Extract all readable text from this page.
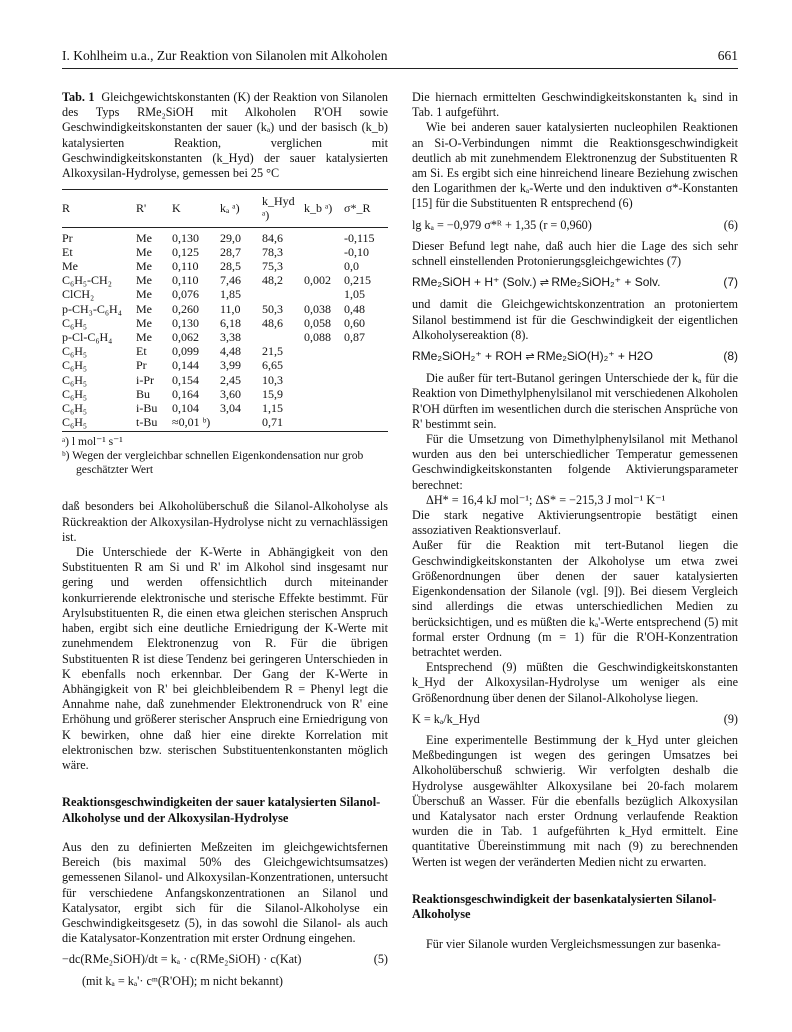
I. Kohlheim u.a., Zur Reaktion von Silanolen mit Alkoholen	661

Tab. 1 Gleichgewichtskonstanten (K) der Reaktion von Silanolen des Typs RMe₂SiOH mit Alkoholen R'OH sowie Geschwindigkeitskonstanten der sauer (kₐ) und der basisch (k_b) katalysierten Reaktion, verglichen mit Geschwindigkeitskonstanten (k_Hyd) der sauer katalysierten Alkoxysilan-Hydrolyse, gemessen bei 25 °C

R	R'	K	kₐ ᵃ)	k_Hyd ᵃ)	k_b ᵃ)	σ*_R
Pr	Me	0,130	29,0	84,6		-0,115
Et	Me	0,125	28,7	78,3		-0,10
Me	Me	0,110	28,5	75,3		0,0
C₆H₅-CH₂	Me	0,110	7,46	48,2	0,002	0,215
ClCH₂	Me	0,076	1,85			1,05
p-CH₃-C₆H₄	Me	0,260	11,0	50,3	0,038	0,48
C₆H₅	Me	0,130	6,18	48,6	0,058	0,60
p-Cl-C₆H₄	Me	0,062	3,38		0,088	0,87
C₆H₅	Et	0,099	4,48	21,5		
C₆H₅	Pr	0,144	3,99	6,65		
C₆H₅	i-Pr	0,154	2,45	10,3		
C₆H₅	Bu	0,164	3,60	15,9		
C₆H₅	i-Bu	0,104	3,04	1,15		
C₆H₅	t-Bu	≈0,01 ᵇ)		0,71		
ᵃ) l mol⁻¹ s⁻¹
ᵇ) Wegen der vergleichbar schnellen Eigenkondensation nur grob geschätzter Wert

daß besonders bei Alkoholüberschuß die Silanol-Alkoholyse als Rückreaktion der Alkoxysilan-Hydrolyse nicht zu vernachlässigen ist.

Die Unterschiede der K-Werte in Abhängigkeit von den Substituenten R am Si und R' im Alkohol sind insgesamt nur gering und werden offensichtlich durch miteinander konkurrierende elektronische und sterische Effekte bestimmt. Für Arylsubstituenten R, die einen etwa gleichen sterischen Anspruch haben, ergibt sich eine deutliche Erniedrigung der K-Werte mit zunehmendem Elektronenzug von R. Für die übrigen Substituenten R ist diese Tendenz bei geringeren Unterschieden in K ebenfalls noch erkennbar. Der Gang der K-Werte in Abhängigkeit von R' bei gleichbleibendem R = Phenyl legt die Annahme nahe, daß zunehmender Elektronendruck von R' eine Erhöhung und größerer sterischer Anspruch eine Erniedrigung von K bewirken, ohne daß hier eine direkte Korrelation mit elektronischen bzw. sterischen Substituentenkonstanten möglich wäre.

Reaktionsgeschwindigkeiten der sauer katalysierten Silanol-Alkoholyse und der Alkoxysilan-Hydrolyse

Aus den zu definierten Meßzeiten im gleichgewichtsfernen Bereich (bis maximal 50% des Gleichgewichtsumsatzes) gemessenen Silanol- und Alkoxysilan-Konzentrationen, untersucht für verschiedene Anfangskonzentrationen an Silanol und Katalysator, ergibt sich für die Silanol-Alkoholyse ein Geschwindigkeitsgesetz (5), in das sowohl die Silanol- als auch die Katalysator-Konzentration mit erster Ordnung eingehen.

−dc(RMe₂SiOH)/dt = kₐ · c(RMe₂SiOH) · c(Kat)	(5)

(mit kₐ = kₐ'· cᵐ(R'OH); m nicht bekannt)

Die hiernach ermittelten Geschwindigkeitskonstanten kₐ sind in Tab. 1 aufgeführt.

Wie bei anderen sauer katalysierten nucleophilen Reaktionen an Si-O-Verbindungen nimmt die Reaktionsgeschwindigkeit deutlich ab mit zunehmendem Elektronenzug der Substituenten R am Si. Es ergibt sich eine hinreichend lineare Beziehung zwischen den Logarithmen der kₐ-Werte und den induktiven σ*-Konstanten [15] für die Substituenten R entsprechend (6)

lg kₐ = −0,979 σ*ᴿ + 1,35 (r = 0,960)	(6)

Dieser Befund legt nahe, daß auch hier die Lage des sich sehr schnell einstellenden Protonierungsgleichgewichtes (7)

RMe₂SiOH + H⁺ (Solv.) ⇌ RMe₂SiOH₂⁺ + Solv.	(7)

und damit die Gleichgewichtskonzentration an protoniertem Silanol bestimmend ist für die Geschwindigkeit der eigentlichen Alkoholysereaktion (8).

RMe₂SiOH₂⁺ + ROH ⇌ RMe₂SiO(H)₂⁺ + H2O	(8)

Die außer für tert-Butanol geringen Unterschiede der kₐ für die Reaktion von Dimethylphenylsilanol mit verschiedenen Alkoholen R'OH dürften im wesentlichen durch die sterischen Ansprüche von R' bestimmt sein.

Für die Umsetzung von Dimethylphenylsilanol mit Methanol wurden aus den bei unterschiedlicher Temperatur gemessenen Geschwindigkeitskonstanten folgende Aktivierungsparameter berechnet:

ΔH* = 16,4 kJ mol⁻¹; ΔS* = −215,3 J mol⁻¹ K⁻¹

Die stark negative Aktivierungsentropie bestätigt einen assoziativen Reaktionsverlauf.

Außer für die Reaktion mit tert-Butanol liegen die Geschwindigkeitskonstanten der Alkoholyse um etwa zwei Größenordnungen über denen der sauer katalysierten Eigenkondensation der Silanole (vgl. [9]). Bei diesem Vergleich sind allerdings die etwas unterschiedlichen Medien zu berücksichtigen, und es müßten die kₐ'-Werte entsprechend (5) mit formal erster Ordnung (m = 1) für die R'OH-Konzentration betrachtet werden.

Entsprechend (9) müßten die Geschwindigkeitskonstanten k_Hyd der Alkoxysilan-Hydrolyse um weniger als eine Größenordnung über denen der Silanol-Alkoholyse liegen.

K = kₐ/k_Hyd	(9)

Eine experimentelle Bestimmung der k_Hyd unter gleichen Meßbedingungen ist wegen des geringen Umsatzes bei Alkoholüberschuß schwierig. Wir verfolgten deshalb die Hydrolyse ausgewählter Alkoxysilane bei 20-fach molarem Überschuß an Wasser. Für die ebenfalls bezüglich Alkoxysilan und Katalysator nach erster Ordnung verlaufende Reaktion wurden die in Tab. 1 aufgeführten k_Hyd ermittelt. Eine quantitative Übereinstimmung mit nach (9) zu berechnenden Werten ist wegen der veränderten Medien nicht zu erwarten.

Reaktionsgeschwindigkeit der basenkatalysierten Silanol-Alkoholyse

Für vier Silanole wurden Vergleichsmessungen zur basenka-
